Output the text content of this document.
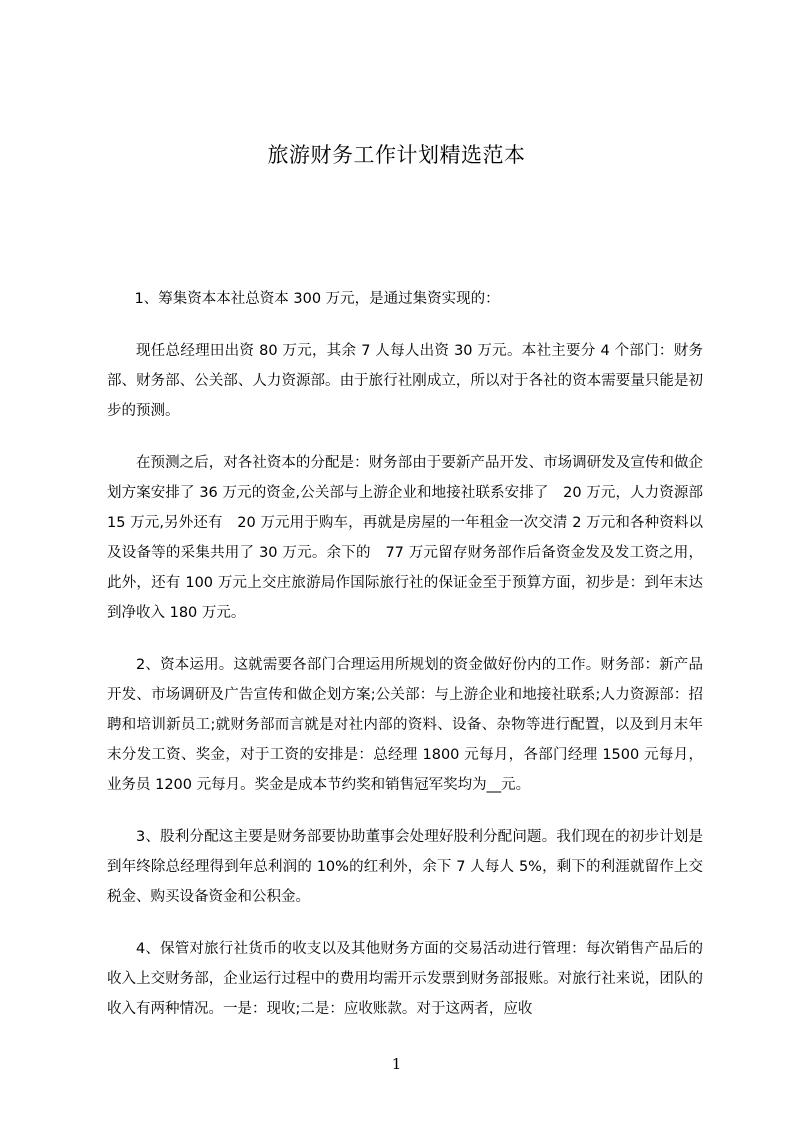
旅游财务工作计划精选范本

1、筹集资本本社总资本 300 万元，是通过集资实现的：

现任总经理田出资 80 万元，其余 7 人每人出资 30 万元。本社主要分 4 个部门：财务部、财务部、公关部、人力资源部。由于旅行社刚成立，所以对于各社的资本需要量只能是初步的预测。

在预测之后，对各社资本的分配是：财务部由于要新产品开发、市场调研发及宣传和做企划方案安排了 36 万元的资金,公关部与上游企业和地接社联系安排了　20 万元，人力资源部 15 万元,另外还有　20 万元用于购车，再就是房屋的一年租金一次交清 2 万元和各种资料以及设备等的采集共用了 30 万元。余下的　77 万元留存财务部作后备资金发及发工资之用，此外，还有 100 万元上交庄旅游局作国际旅行社的保证金至于预算方面，初步是：到年末达到净收入 180 万元。

2、资本运用。这就需要各部门合理运用所规划的资金做好份内的工作。财务部：新产品开发、市场调研及广告宣传和做企划方案;公关部：与上游企业和地接社联系;人力资源部：招聘和培训新员工;就财务部而言就是对社内部的资料、设备、杂物等进行配置，以及到月末年末分发工资、奖金，对于工资的安排是：总经理 1800 元每月，各部门经理 1500 元每月，业务员 1200 元每月。奖金是成本节约奖和销售冠军奖均为__元。

3、股利分配这主要是财务部要协助董事会处理好股利分配问题。我们现在的初步计划是到年终除总经理得到年总利润的 10%的红利外，余下 7 人每人 5%，剩下的利涯就留作上交税金、购买设备资金和公积金。

4、保管对旅行社货币的收支以及其他财务方面的交易活动进行管理：每次销售产品后的收入上交财务部，企业运行过程中的费用均需开示发票到财务部报账。对旅行社来说，团队的收入有两种情况。一是：现收;二是：应收账款。对于这两者，应收

1
